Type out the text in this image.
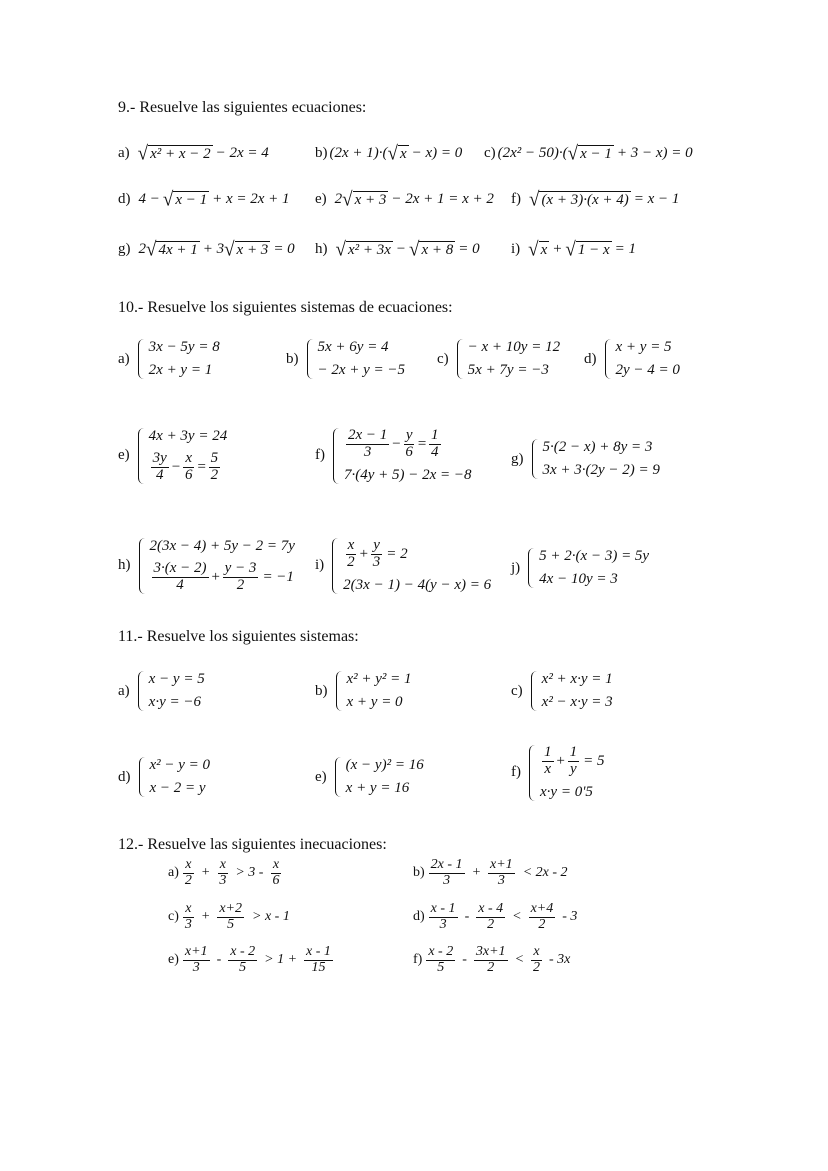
9.- Resuelve las siguientes ecuaciones:
a) √ x² + x − 2 − 2x = 4	b) (2x + 1)·( √ x − x) = 0 c) (2x² − 50)·( √ x − 1 + 3 − x) = 0
d) 4 − √ x − 1 + x = 2x + 1 e) 2 √ x + 3 − 2x + 1 = x + 2 f) √ (x + 3)·(x + 4) = x − 1
g) 2 √ 4x + 1 + 3 √ x + 3 = 0 h) √ x² + 3x − √ x + 8 = 0 i) √ x + √ 1 − x = 1
10.- Resuelve los siguientes sistemas de ecuaciones:
a)
3x − 5y = 8
2x + y = 1
b)
5x + 6y = 4
− 2x + y = −5
c)
− x + 10y = 12
5x + 7y = −3
d)
x + y = 5
2y − 4 = 0
e)
4x + 3y = 24
$\frac{3y}{4} - \frac{x}{6} = \frac{5}{2}$	$f) \frac{2x - 1}{3} - \frac{y}{6} = \frac{1}{4}$
7·(4y + 5) − 2x = −8
g)
5·(2 − x) + 8y = 3
3x + 3·(2y − 2) = 9
h)
2(3x − 4) + 5y − 2 = 7y
$\frac{3\cdot(x - 2)}{4} + \frac{y - 3}{2} = -1$
$i) \frac{x}{2} + \frac{y}{3} = 2$
2(3x − 1) − 4(y − x) = 6
j)
5 + 2·(x − 3) = 5y
4x − 10y = 3
11.- Resuelve los siguientes sistemas:
a)
x − y = 5
x·y = −6
b)
x² + y² = 1
x + y = 0
c)
x² + x·y = 1
x² − x·y = 3
d)
x² − y = 0
x − 2 = y
e)
(x − y)² = 16
x + y = 16
$f) \frac{1}{x} + \frac{1}{y} = 5$
x·y = 0'5
12.- Resuelve las siguientes inecuaciones:
$a) \frac{x}{2} + \frac{x}{3} > 3 - \frac{x}{6}$	$b) \frac{2x - 1}{3} + \frac{x+1}{3} < 2x - 2$
$c) \frac{x}{3} + \frac{x+2}{5} > x - 1$	$d) \frac{x - 1}{3} - \frac{x - 4}{2} < \frac{x+4}{2} - 3$
$e) \frac{x+1}{3} - \frac{x - 2}{5} > 1 + \frac{x - 1}{15}$	$f) \frac{x - 2}{5} - \frac{3x+1}{2} < \frac{x}{2} - 3x$
